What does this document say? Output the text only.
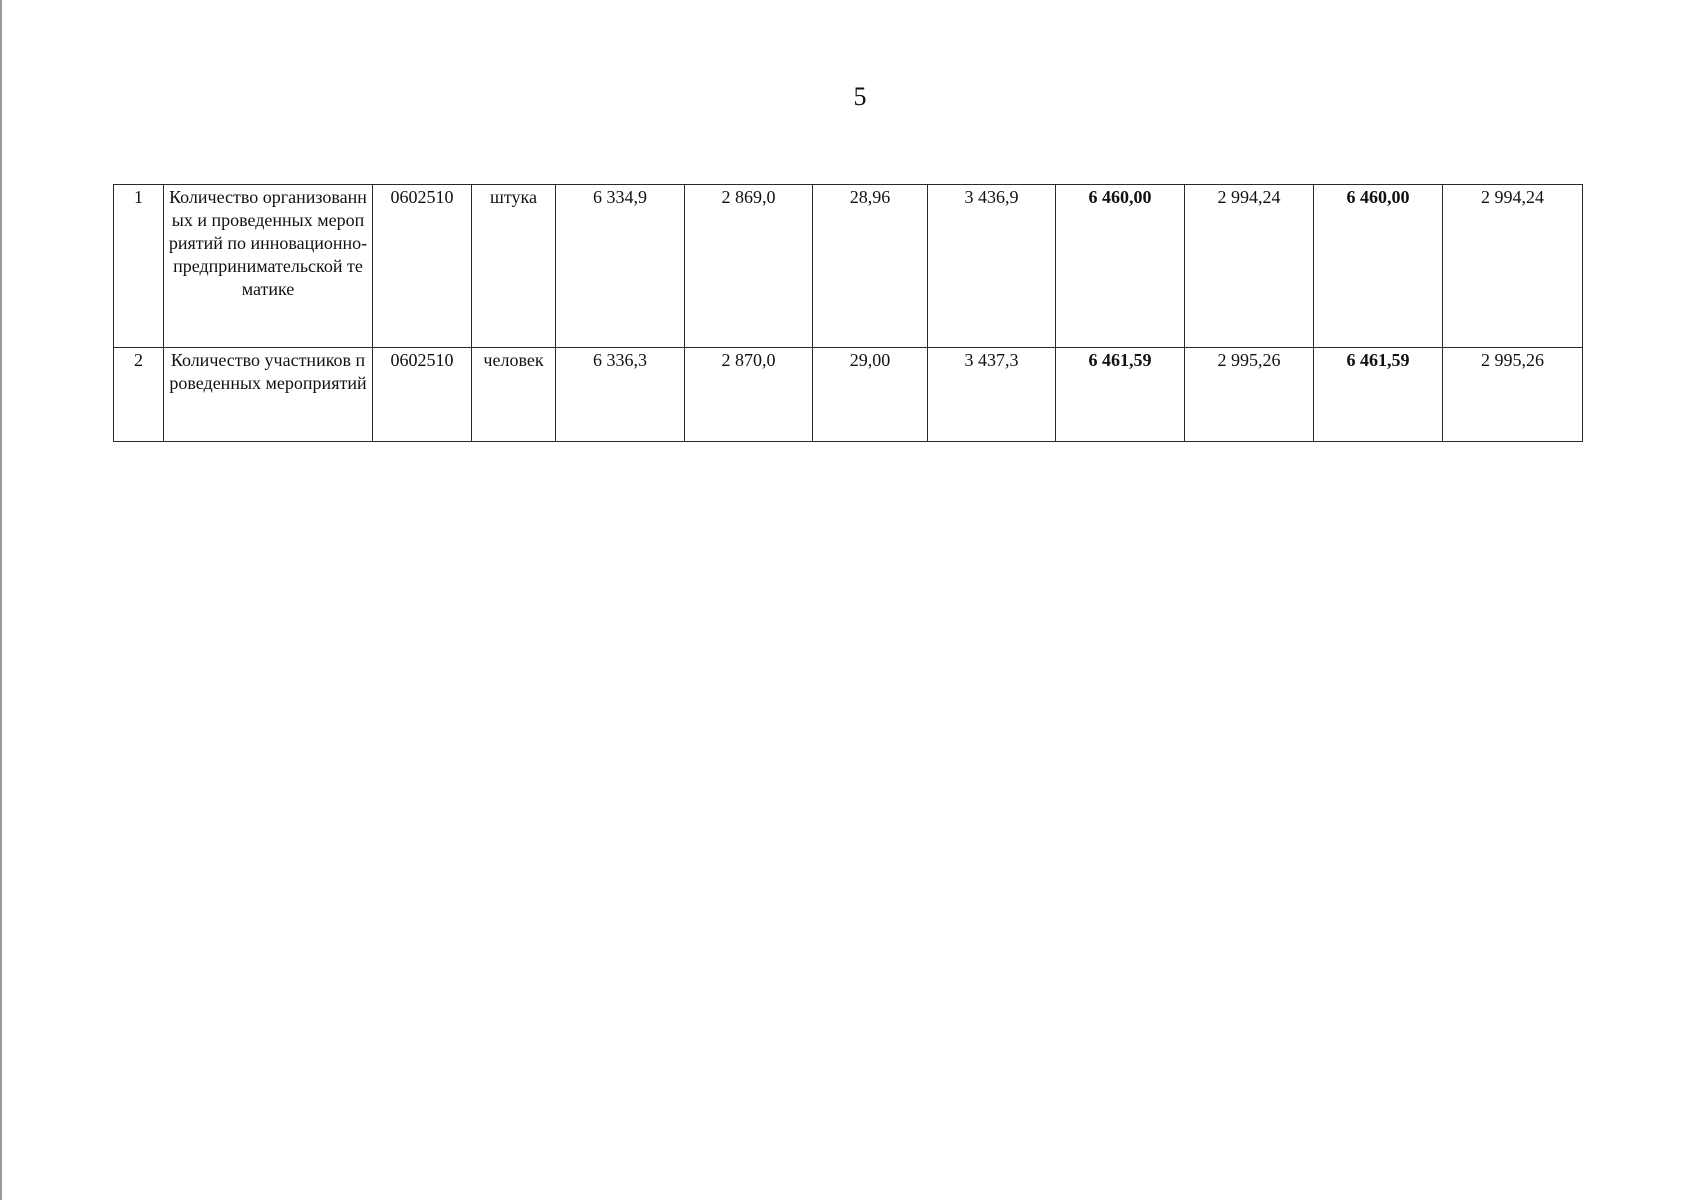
5
1	Количество организованных и проведенных мероприятий по инновационно-предпринимательской тематике	0602510	штука	6 334,9	2 869,0	28,96	3 436,9	6 460,00	2 994,24	6 460,00	2 994,24
2	Количество участников проведенных мероприятий	0602510	человек	6 336,3	2 870,0	29,00	3 437,3	6 461,59	2 995,26	6 461,59	2 995,26
